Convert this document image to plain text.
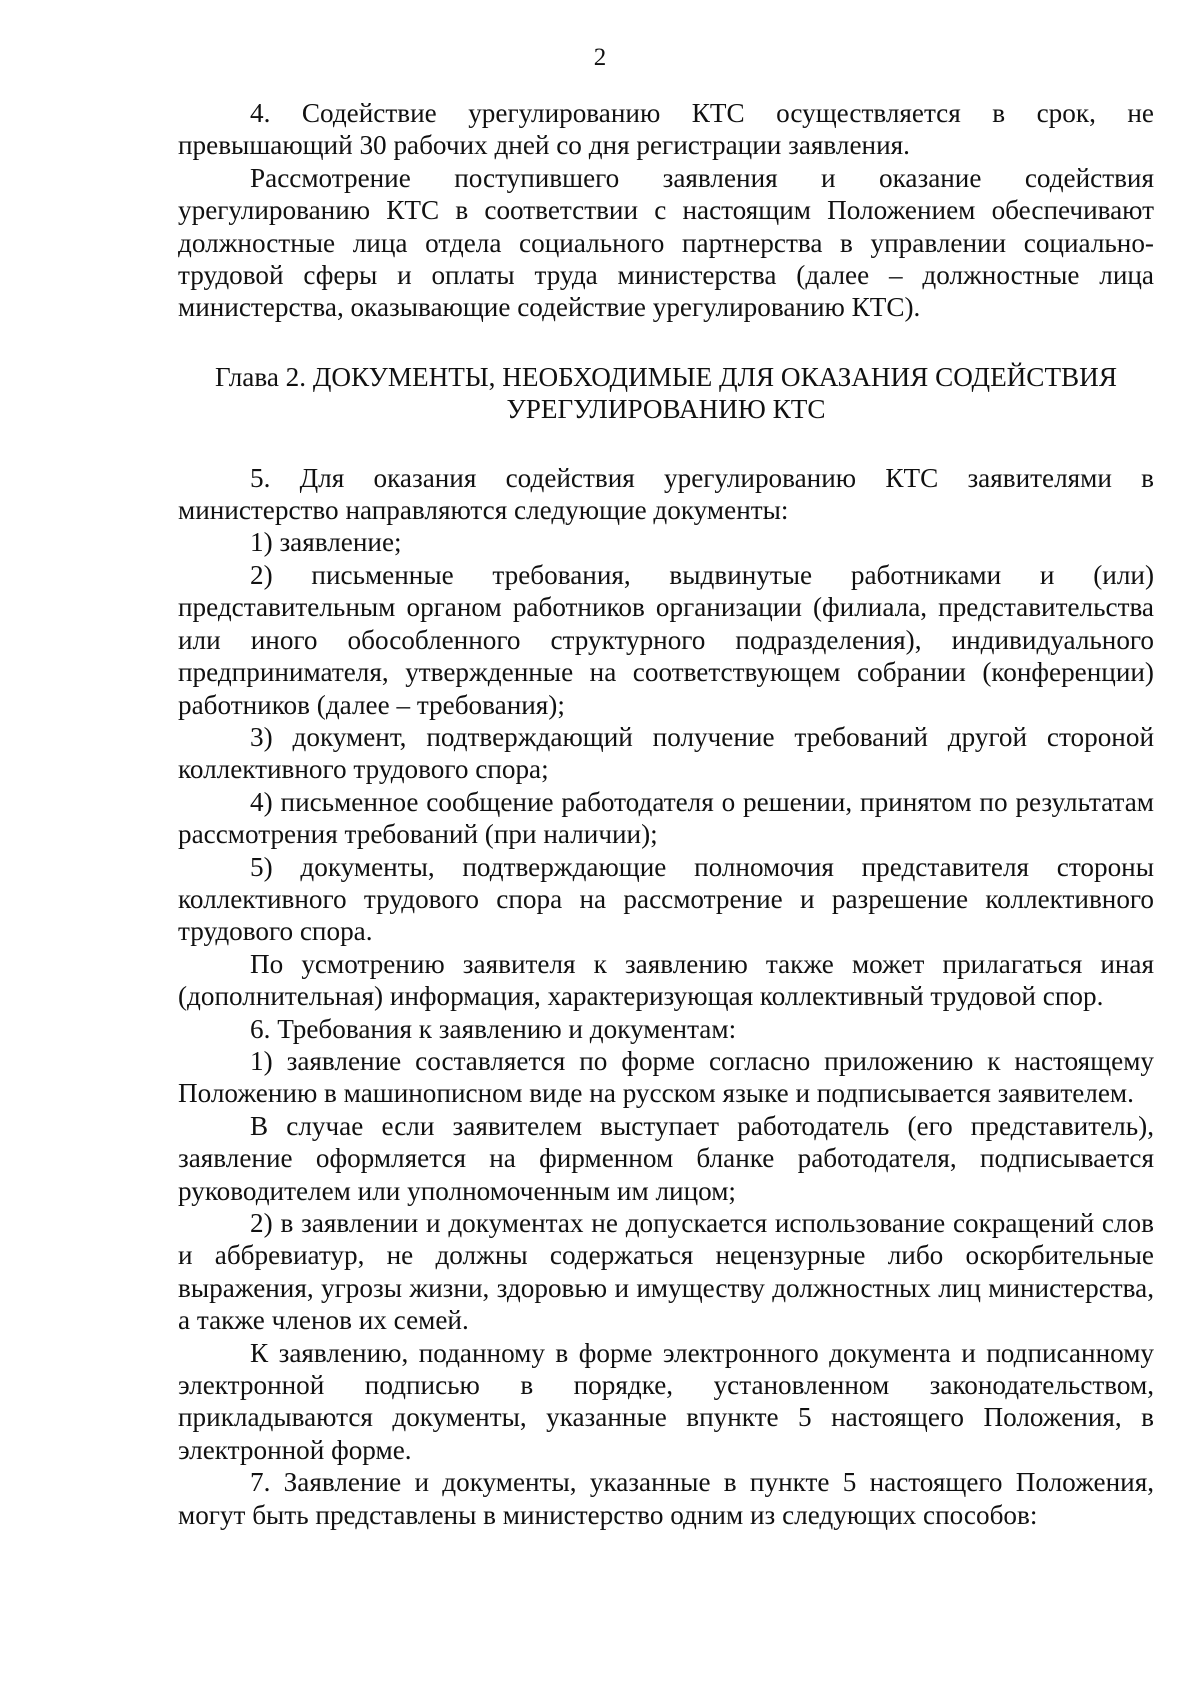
2

4. Содействие урегулированию КТС осуществляется в срок, не превышающий 30 рабочих дней со дня регистрации заявления.

Рассмотрение поступившего заявления и оказание содействия урегулированию КТС в соответствии с настоящим Положением обеспечивают должностные лица отдела социального партнерства в управлении социально-трудовой сферы и оплаты труда министерства (далее – должностные лица министерства, оказывающие содействие урегулированию КТС).

Глава 2. ДОКУМЕНТЫ, НЕОБХОДИМЫЕ ДЛЯ ОКАЗАНИЯ СОДЕЙСТВИЯ
УРЕГУЛИРОВАНИЮ КТС

5. Для оказания содействия урегулированию КТС заявителями в министерство направляются следующие документы:

1) заявление;

2) письменные требования, выдвинутые работниками и (или) представительным органом работников организации (филиала, представительства или иного обособленного структурного подразделения), индивидуального предпринимателя, утвержденные на соответствующем собрании (конференции) работников (далее – требования);

3) документ, подтверждающий получение требований другой стороной коллективного трудового спора;

4) письменное сообщение работодателя о решении, принятом по результатам рассмотрения требований (при наличии);

5) документы, подтверждающие полномочия представителя стороны коллективного трудового спора на рассмотрение и разрешение коллективного трудового спора.

По усмотрению заявителя к заявлению также может прилагаться иная (дополнительная) информация, характеризующая коллективный трудовой спор.

6. Требования к заявлению и документам:

1) заявление составляется по форме согласно приложению к настоящему Положению в машинописном виде на русском языке и подписывается заявителем.

В случае если заявителем выступает работодатель (его представитель), заявление оформляется на фирменном бланке работодателя, подписывается руководителем или уполномоченным им лицом;

2) в заявлении и документах не допускается использование сокращений слов и аббревиатур, не должны содержаться нецензурные либо оскорбительные выражения, угрозы жизни, здоровью и имуществу должностных лиц министерства, а также членов их семей.

К заявлению, поданному в форме электронного документа и подписанному электронной подписью в порядке, установленном законодательством, прикладываются документы, указанные впункте 5 настоящего Положения, в электронной форме.

7. Заявление и документы, указанные в пункте 5 настоящего Положения, могут быть представлены в министерство одним из следующих способов:
